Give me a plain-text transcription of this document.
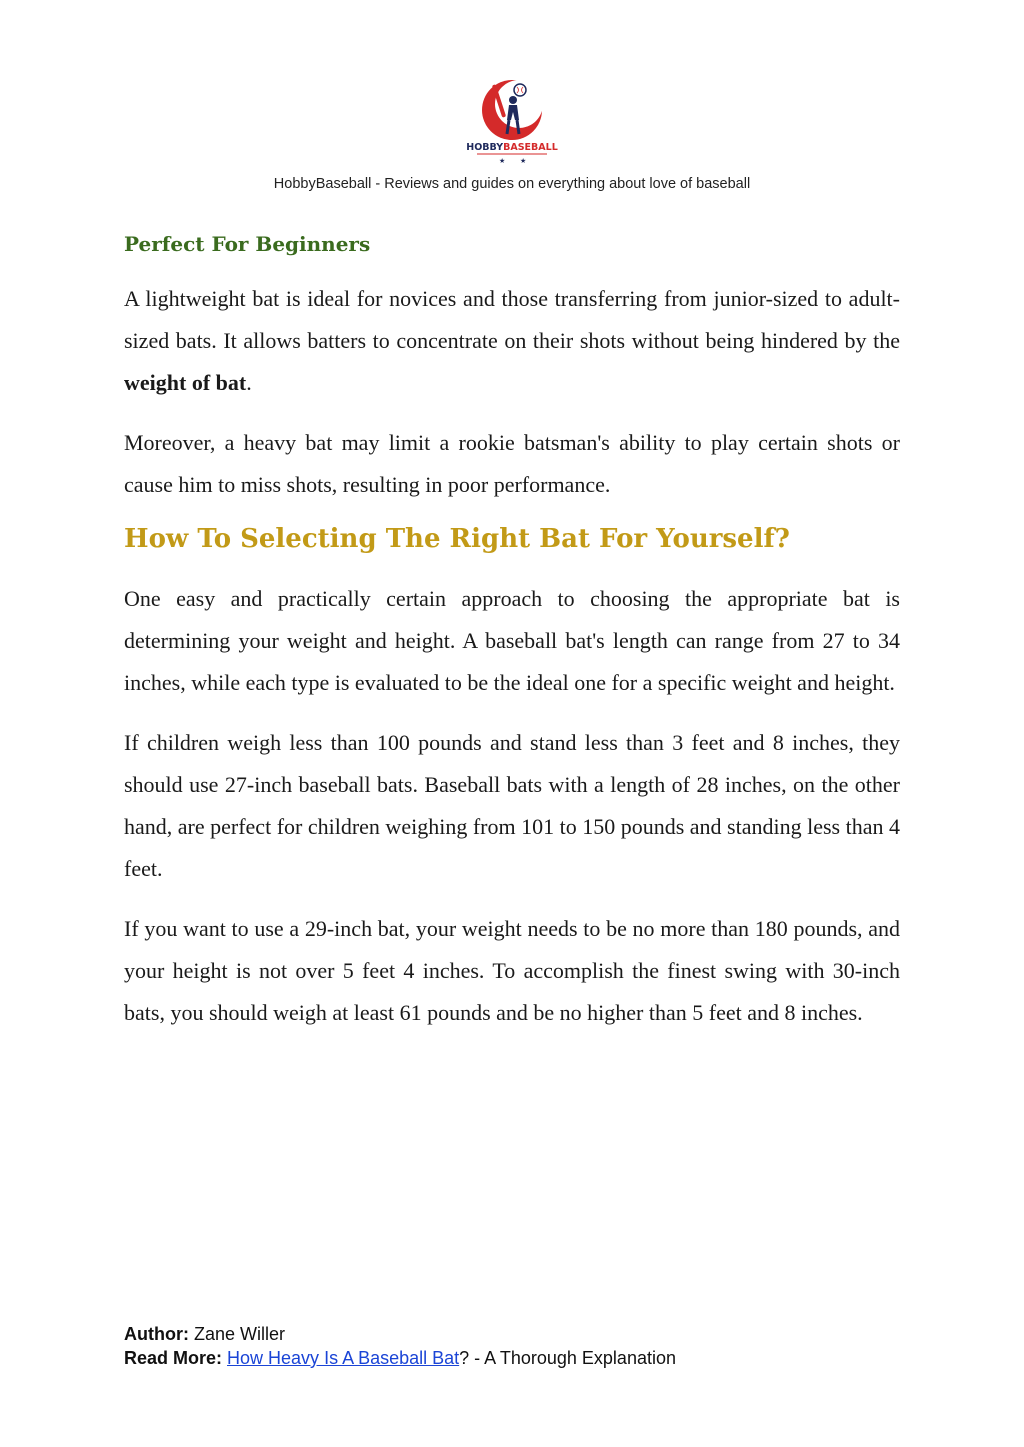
HOBBYBASEBALL
★ ★
HobbyBaseball - Reviews and guides on everything about love of baseball
Perfect For Beginners

A lightweight bat is ideal for novices and those transferring from junior-sized to adult-sized bats. It allows batters to concentrate on their shots without being hindered by the weight of bat.

Moreover, a heavy bat may limit a rookie batsman's ability to play certain shots or cause him to miss shots, resulting in poor performance.

How To Selecting The Right Bat For Yourself?

One easy and practically certain approach to choosing the appropriate bat is determining your weight and height. A baseball bat's length can range from 27 to 34 inches, while each type is evaluated to be the ideal one for a specific weight and height.

If children weigh less than 100 pounds and stand less than 3 feet and 8 inches, they should use 27-inch baseball bats. Baseball bats with a length of 28 inches, on the other hand, are perfect for children weighing from 101 to 150 pounds and standing less than 4 feet.

If you want to use a 29-inch bat, your weight needs to be no more than 180 pounds, and your height is not over 5 feet 4 inches. To accomplish the finest swing with 30-inch bats, you should weigh at least 61 pounds and be no higher than 5 feet and 8 inches.

Author: Zane Willer
Read More: How Heavy Is A Baseball Bat? - A Thorough Explanation
